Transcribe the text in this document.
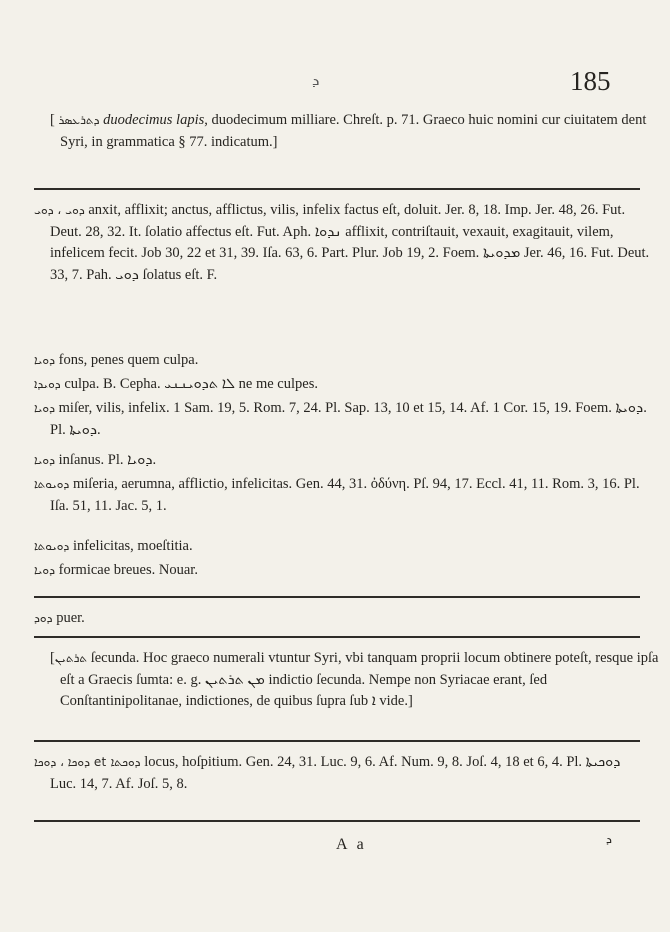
ܕ	185
[ ܕܬܪܥܣܪ duodecimus lapis, duodecimum milliare. Chreſt. p. 71. Graeco huic nomini cur ciuitatem dent Syri, in grammatica § 77. indicatum.]
ܕܘܝ ، ܕܘܝ anxit, afflixit; anctus, afflictus, vilis, infelix factus eſt, doluit. Jer. 8, 18. Imp. Jer. 48, 26. Fut. Deut. 28, 32. It. ſolatio affectus eſt. Fut. Aph. ܢܕܘܐ afflixit, contriſtauit, vexauit, exagitauit, vilem, infelicem fecit. Job 30, 22 et 31, 39. Iſa. 63, 6. Part. Plur. Job 19, 2. Foem. ܡܕܘܝܬܐ Jer. 46, 16. Fut. Deut. 33, 7. Pah. ܕܘܝ ſolatus eſt. F.
ܕܘܝܐ fons, penes quem culpa.
ܕܘܝܕܐ culpa. B. Cepha. ܠܐ ܬܕܘܝܢܢܝ ne me culpes.
ܕܘܝܐ miſer, vilis, infelix. 1 Sam. 19, 5. Rom. 7, 24. Pl. Sap. 13, 10 et 15, 14. Af. 1 Cor. 15, 19. Foem. ܕܘܝܬܐ. Pl. ܕܘܝܬܐ.
ܕܘܝܐ inſanus. Pl. ܕܘܝܐ.
ܕܘܝܘܬܐ miſeria, aerumna, afflictio, infelicitas. Gen. 44, 31. ὀδύνη. Pſ. 94, 17. Eccl. 41, 11. Rom. 3, 16. Pl. Iſa. 51, 11. Jac. 5, 1.
ܕܘܝܘܬܐ infelicitas, moeſtitia.
ܕܘܝܐ formicae breues. Nouar.
ܕܘܕ puer.
[ܬܪܬܝܢ ſecunda. Hoc graeco numerali vtuntur Syri, vbi tanquam proprii locum obtinere poteſt, resque ipſa eſt a Graecis ſumta: e. g. ܡܢ ܬܪܬܝܢ indictio ſecunda. Nempe non Syriacae erant, ſed Conſtantinipolitanae, indictiones, de quibus ſupra ſub ܐ vide.]
ܕܘܟܐ ، ܕܘܟܐ et ܕܘܟܬܐ locus, hoſpitium. Gen. 24, 31. Luc. 9, 6. Af. Num. 9, 8. Joſ. 4, 18 et 6, 4. Pl. ܕܘܟܝܬܐ Luc. 14, 7. Af. Joſ. 5, 8.
A a	ܕ
